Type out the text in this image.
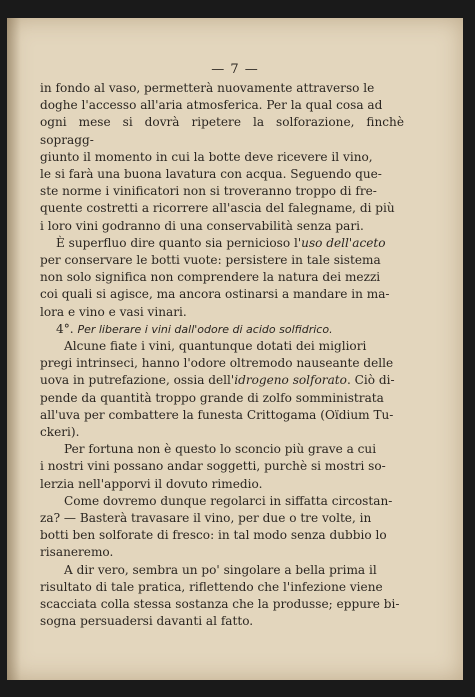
— 7 —

in fondo al vaso, permetterà nuovamente attraverso le
doghe l'accesso all'aria atmosferica. Per la qual cosa ad
ogni mese si dovrà ripetere la solforazione, finchè sopragg-
giunto il momento in cui la botte deve ricevere il vino,
le si farà una buona lavatura con acqua. Seguendo que-
ste norme i vinificatori non si troveranno troppo di fre-
quente costretti a ricorrere all'ascia del falegname, di più
i loro vini godranno di una conservabilità senza pari.

È superfluo dire quanto sia pernicioso l'uso dell'aceto
per conservare le botti vuote: persistere in tale sistema
non solo significa non comprendere la natura dei mezzi
coi quali si agisce, ma ancora ostinarsi a mandare in ma-
lora e vino e vasi vinari.

4°. Per liberare i vini dall'odore di acido solfidrico.

Alcune fiate i vini, quantunque dotati dei migliori
pregi intrinseci, hanno l'odore oltremodo nauseante delle
uova in putrefazione, ossia dell'idrogeno solforato. Ciò di-
pende da quantità troppo grande di zolfo somministrata
all'uva per combattere la funesta Crittogama (Oïdium Tu-
ckeri).

Per fortuna non è questo lo sconcio più grave a cui
i nostri vini possano andar soggetti, purchè si mostri so-
lerzia nell'apporvi il dovuto rimedio.

Come dovremo dunque regolarci in siffatta circostan-
za? — Basterà travasare il vino, per due o tre volte, in
botti ben solforate di fresco: in tal modo senza dubbio lo
risaneremo.

A dir vero, sembra un po' singolare a bella prima il
risultato di tale pratica, riflettendo che l'infezione viene
scacciata colla stessa sostanza che la produsse; eppure bi-
sogna persuadersi davanti al fatto.
